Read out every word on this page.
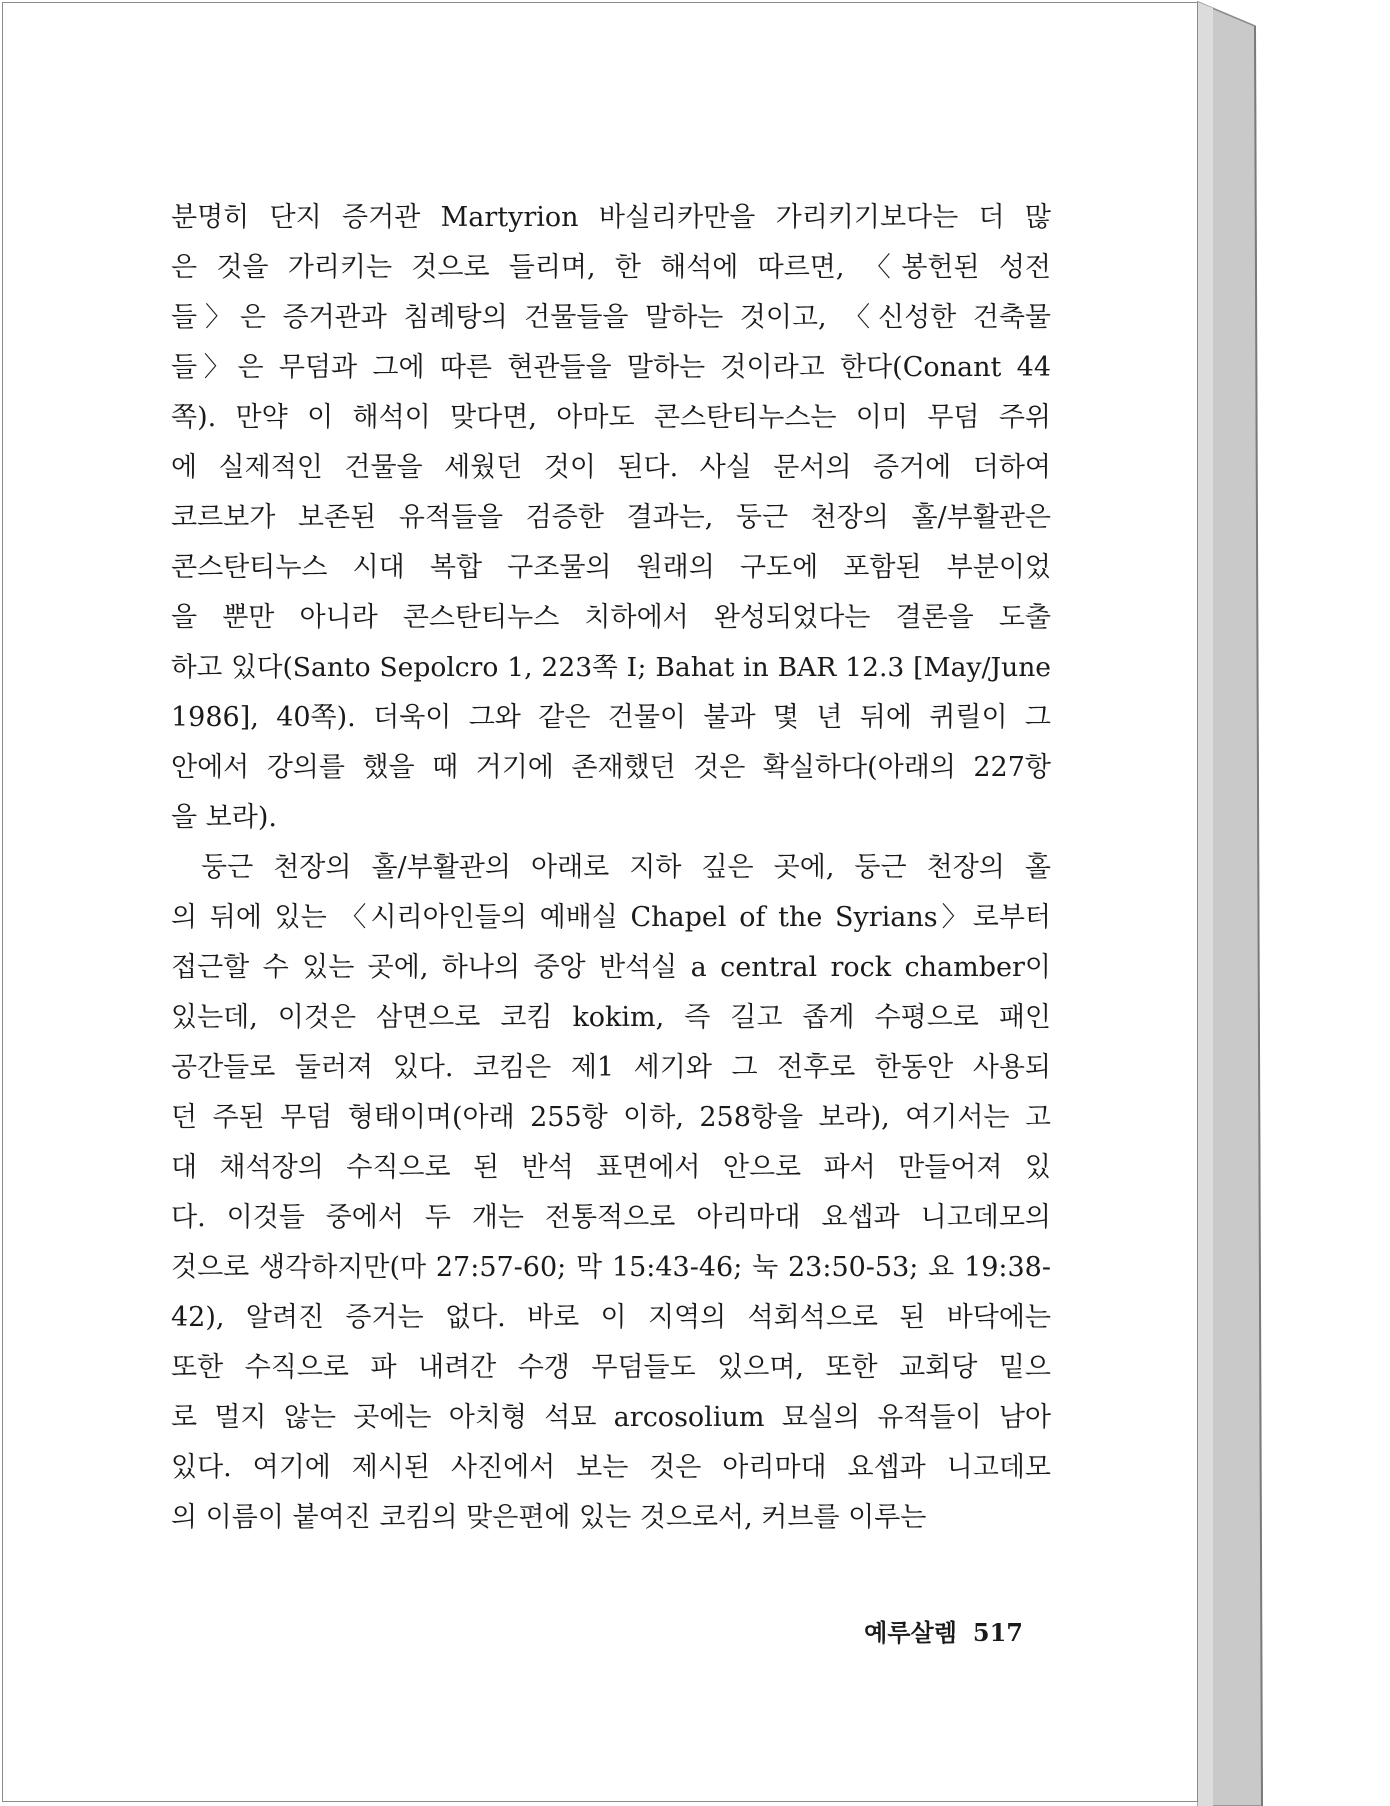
분명히 단지 증거관 Martyrion 바실리카만을 가리키기보다는 더 많
은 것을 가리키는 것으로 들리며, 한 해석에 따르면, 〈봉헌된 성전
들〉은 증거관과 침례탕의 건물들을 말하는 것이고, 〈신성한 건축물
들〉은 무덤과 그에 따른 현관들을 말하는 것이라고 한다(Conant 44
쪽). 만약 이 해석이 맞다면, 아마도 콘스탄티누스는 이미 무덤 주위
에 실제적인 건물을 세웠던 것이 된다. 사실 문서의 증거에 더하여
코르보가 보존된 유적들을 검증한 결과는, 둥근 천장의 홀/부활관은
콘스탄티누스 시대 복합 구조물의 원래의 구도에 포함된 부분이었
을 뿐만 아니라 콘스탄티누스 치하에서 완성되었다는 결론을 도출
하고 있다(Santo Sepolcro 1, 223쪽 Ⅰ; Bahat in BAR 12.3 [May/June
1986], 40쪽). 더욱이 그와 같은 건물이 불과 몇 년 뒤에 퀴릴이 그
안에서 강의를 했을 때 거기에 존재했던 것은 확실하다(아래의 227항
을 보라).

둥근 천장의 홀/부활관의 아래로 지하 깊은 곳에, 둥근 천장의 홀
의 뒤에 있는 〈시리아인들의 예배실 Chapel of the Syrians〉로부터
접근할 수 있는 곳에, 하나의 중앙 반석실 a central rock chamber이
있는데, 이것은 삼면으로 코킴 kokim, 즉 길고 좁게 수평으로 패인
공간들로 둘러져 있다. 코킴은 제1 세기와 그 전후로 한동안 사용되
던 주된 무덤 형태이며(아래 255항 이하, 258항을 보라), 여기서는 고
대 채석장의 수직으로 된 반석 표면에서 안으로 파서 만들어져 있
다. 이것들 중에서 두 개는 전통적으로 아리마대 요셉과 니고데모의
것으로 생각하지만(마 27:57-60; 막 15:43-46; 눅 23:50-53; 요 19:38-
42), 알려진 증거는 없다. 바로 이 지역의 석회석으로 된 바닥에는
또한 수직으로 파 내려간 수갱 무덤들도 있으며, 또한 교회당 밑으
로 멀지 않는 곳에는 아치형 석묘 arcosolium 묘실의 유적들이 남아
있다. 여기에 제시된 사진에서 보는 것은 아리마대 요셉과 니고데모
의 이름이 붙여진 코킴의 맞은편에 있는 것으로서, 커브를 이루는

예루살렘 517
